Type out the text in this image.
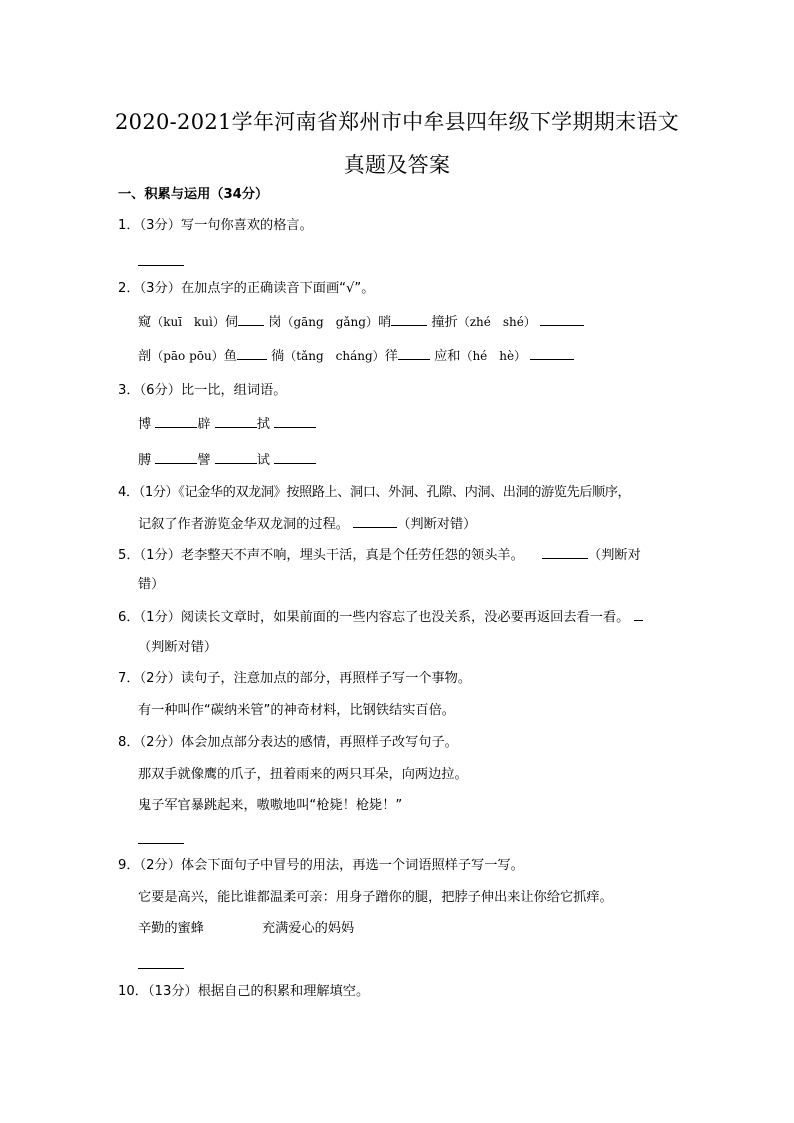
2020-2021学年河南省郑州市中牟县四年级下学期期末语文
真题及答案
一、积累与运用（34分）
1．（3分）写一句你喜欢的格言。
2．（3分）在加点字的正确读音下面画“√”。
窥（kuī　kuì）伺 岗（gāng　gǎng）哨	撞折（zhé　shé）
剖（pāo pōu）鱼	徜（tǎng　cháng）徉	应和（hé　hè）
3．（6分）比一比，组词语。
博	辟	拭
膊	譬	试
4．（1分）《记金华的双龙洞》按照路上、洞口、外洞、孔隙、内洞、出洞的游览先后顺序，
记叙了作者游览金华双龙洞的过程。	（判断对错）
5．（1分）老李整天不声不响，埋头干活，真是个任劳任怨的领头羊。	（判断对
错）
6．（1分）阅读长文章时，如果前面的一些内容忘了也没关系，没必要再返回去看一看。
（判断对错）
7．（2分）读句子，注意加点的部分，再照样子写一个事物。
有一种叫作“碳纳米管”的神奇材料，比钢铁结实百倍。
8．（2分）体会加点部分表达的感情，再照样子改写句子。
那双手就像鹰的爪子，扭着雨来的两只耳朵，向两边拉。
鬼子军官暴跳起来，嗷嗷地叫“枪毙！枪毙！”
9．（2分）体会下面句子中冒号的用法，再选一个词语照样子写一写。
它要是高兴，能比谁都温柔可亲：用身子蹭你的腿，把脖子伸出来让你给它抓痒。
辛勤的蜜蜂	充满爱心的妈妈
10．（13分）根据自己的积累和理解填空。
